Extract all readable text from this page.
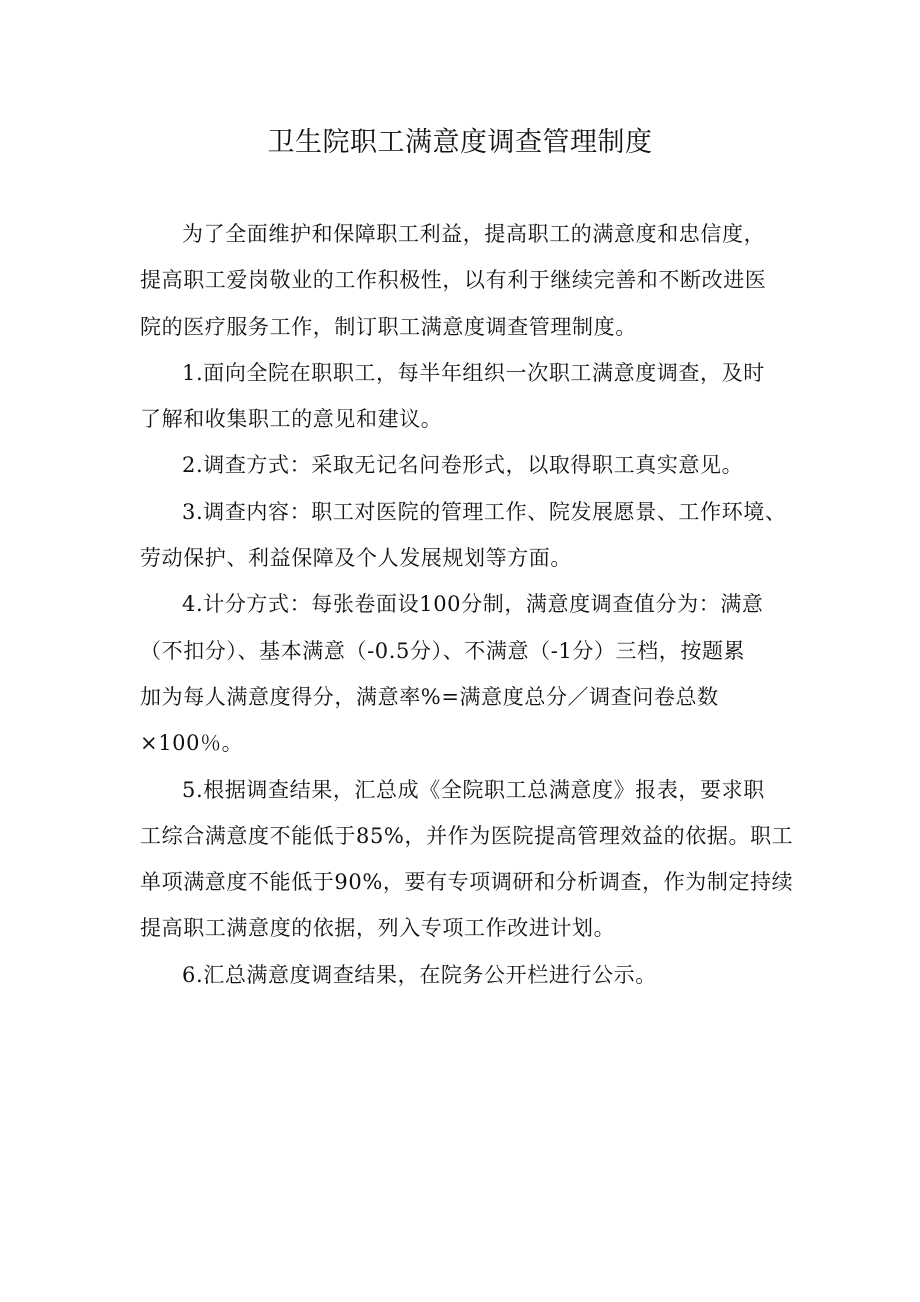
卫生院职工满意度调查管理制度
为了全面维护和保障职工利益，提高职工的满意度和忠信度，
提高职工爱岗敬业的工作积极性，以有利于继续完善和不断改进医
院的医疗服务工作，制订职工满意度调查管理制度。
1.面向全院在职职工，每半年组织一次职工满意度调查，及时
了解和收集职工的意见和建议。
2.调查方式：采取无记名问卷形式，以取得职工真实意见。
3.调查内容：职工对医院的管理工作、院发展愿景、工作环境、
劳动保护、利益保障及个人发展规划等方面。
4.计分方式：每张卷面设100分制，满意度调查值分为：满意
（不扣分）、基本满意（-0.5分）、不满意（-1分）三档，按题累
加为每人满意度得分，满意率%=满意度总分／调查问卷总数
×100％。
5.根据调查结果，汇总成《全院职工总满意度》报表，要求职
工综合满意度不能低于85%，并作为医院提高管理效益的依据。职工
单项满意度不能低于90%，要有专项调研和分析调查，作为制定持续
提高职工满意度的依据，列入专项工作改进计划。
6.汇总满意度调查结果，在院务公开栏进行公示。
